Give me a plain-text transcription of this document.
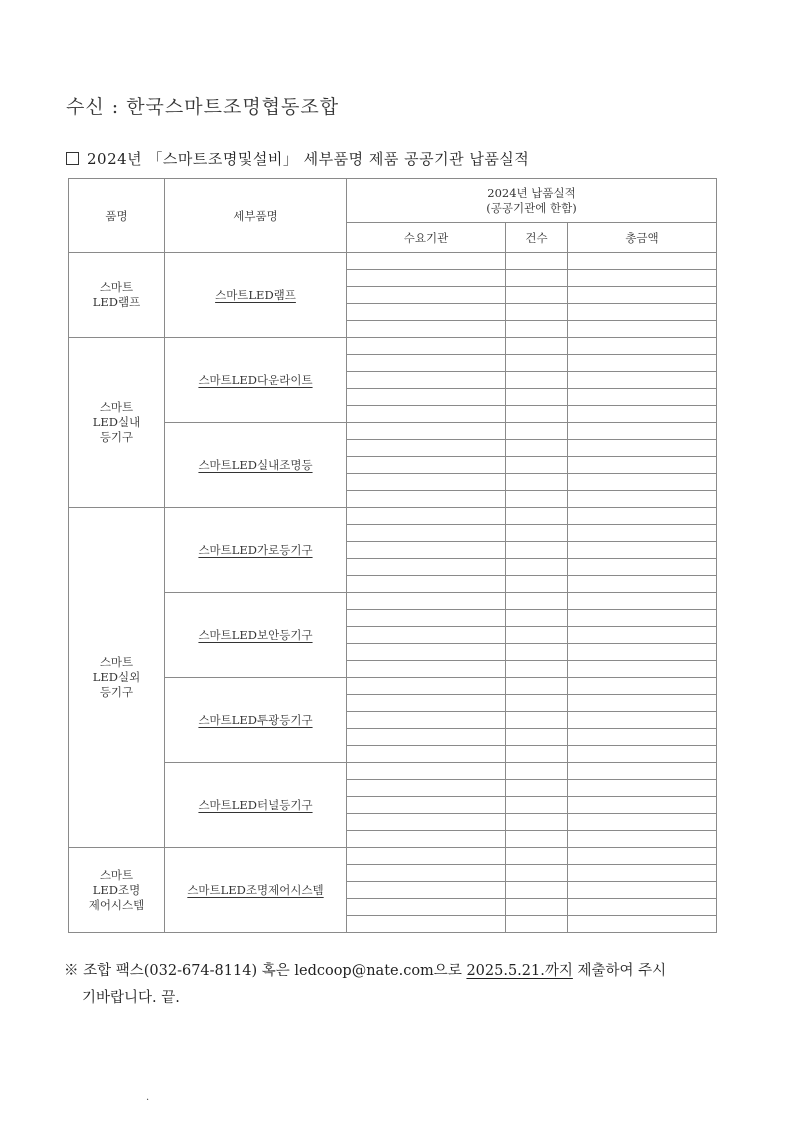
수신 : 한국스마트조명협동조합
2024년 「스마트조명및설비」 세부품명 제품 공공기관 납품실적
품명	세부품명	2024년 납품실적
(공공기관에 한함)		

		수요기관	건수	총금액
스마트
LED램프	스마트LED램프			

스마트
LED실내
등기구	스마트LED다운라이트			

	스마트LED실내조명등			

스마트
LED실외
등기구	스마트LED가로등기구			

	스마트LED보안등기구			

	스마트LED투광등기구			

	스마트LED터널등기구			

스마트
LED조명
제어시스템	스마트LED조명제어시스템			

※ 조합 팩스(032-674-8114) 혹은 ledcoop@nate.com으로 2025.5.21.까지 제출하여 주시
기바랍니다. 끝.
.
